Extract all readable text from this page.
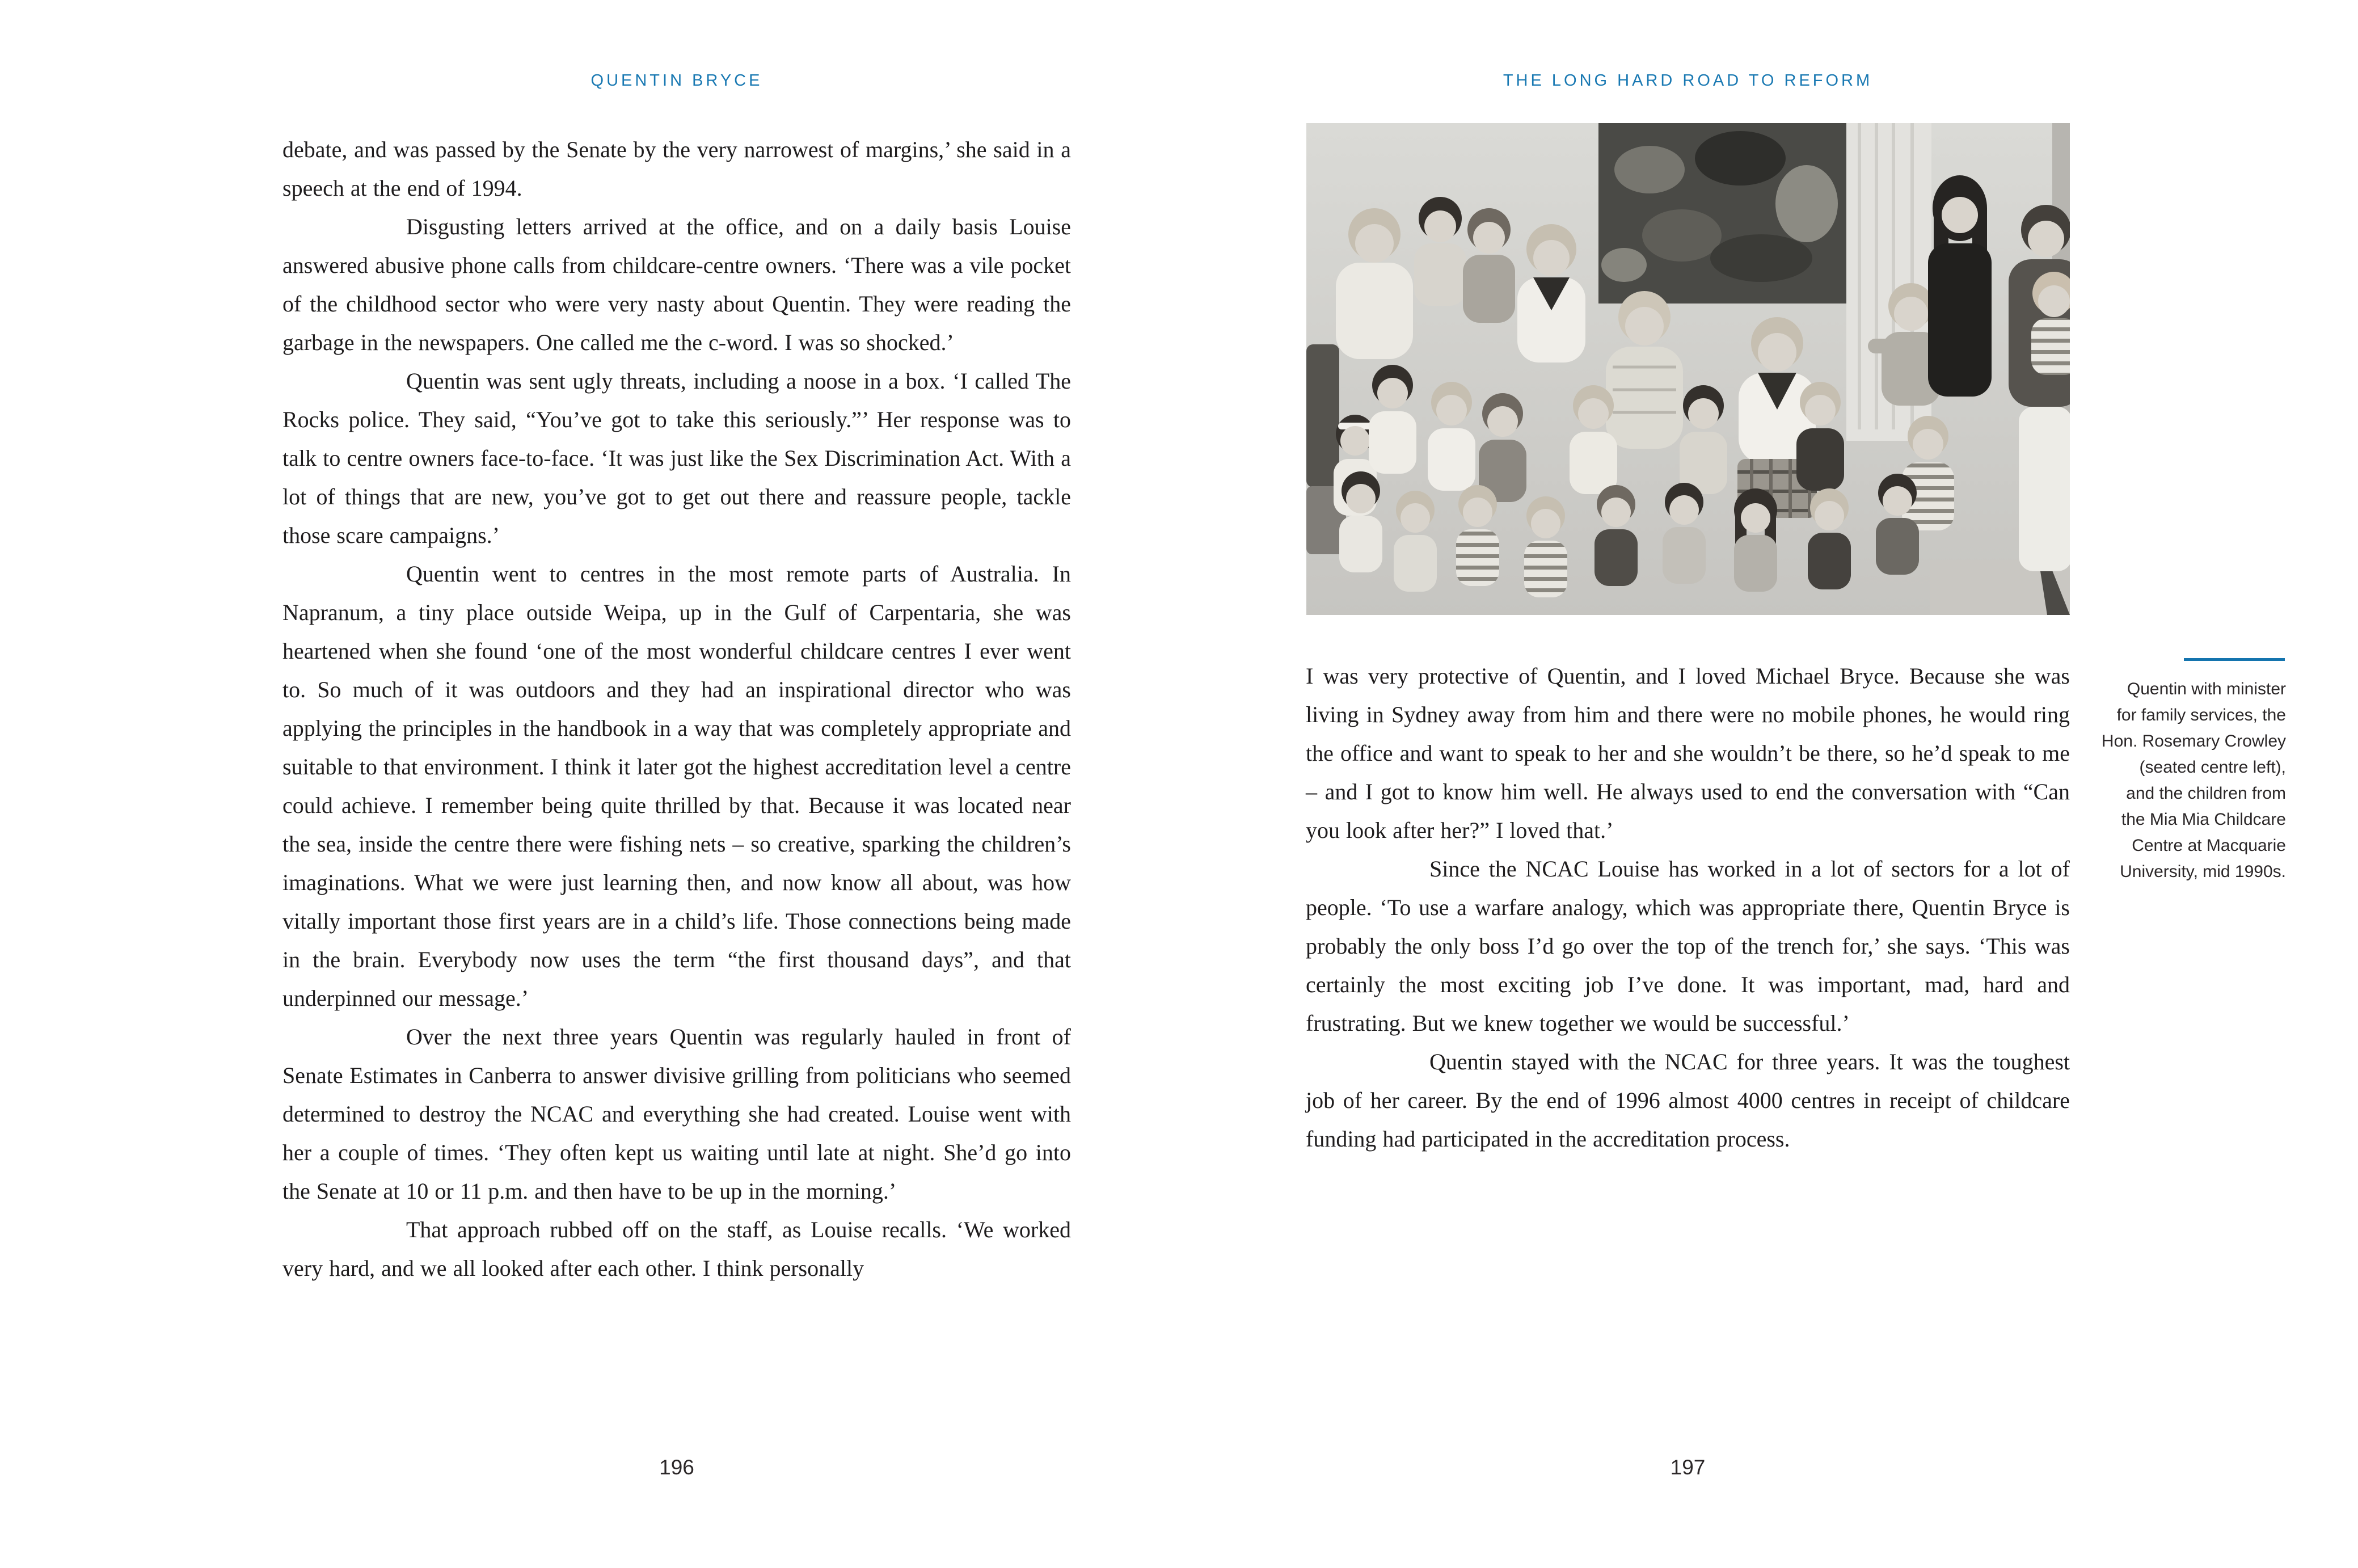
QUENTIN BRYCE

debate, and was passed by the Senate by the very narrowest of margins,’ she said in a speech at the end of 1994.

Disgusting letters arrived at the office, and on a daily basis Louise answered abusive phone calls from childcare-centre owners. ‘There was a vile pocket of the childhood sector who were very nasty about Quentin. They were reading the garbage in the newspapers. One called me the c-word. I was so shocked.’

Quentin was sent ugly threats, including a noose in a box. ‘I called The Rocks police. They said, “You’ve got to take this seriously.”’ Her response was to talk to centre owners face-to-face. ‘It was just like the Sex Discrimination Act. With a lot of things that are new, you’ve got to get out there and reassure people, tackle those scare campaigns.’

Quentin went to centres in the most remote parts of Australia. In Napranum, a tiny place outside Weipa, up in the Gulf of Carpentaria, she was heartened when she found ‘one of the most wonderful childcare centres I ever went to. So much of it was outdoors and they had an inspirational director who was applying the principles in the handbook in a way that was completely appropriate and suitable to that environment. I think it later got the highest accreditation level a centre could achieve. I remember being quite thrilled by that. Because it was located near the sea, inside the centre there were fishing nets – so creative, sparking the children’s imaginations. What we were just learning then, and now know all about, was how vitally important those first years are in a child’s life. Those connections being made in the brain. Everybody now uses the term “the first thousand days”, and that underpinned our message.’

Over the next three years Quentin was regularly hauled in front of Senate Estimates in Canberra to answer divisive grilling from politicians who seemed determined to destroy the NCAC and everything she had created. Louise went with her a couple of times. ‘They often kept us waiting until late at night. She’d go into the Senate at 10 or 11 p.m. and then have to be up in the morning.’

That approach rubbed off on the staff, as Louise recalls. ‘We worked very hard, and we all looked after each other. I think personally

196
THE LONG HARD ROAD TO REFORM
Quentin with minister
for family services, the
Hon. Rosemary Crowley
(seated centre left),
and the children from
the Mia Mia Childcare
Centre at Macquarie
University, mid 1990s.

I was very protective of Quentin, and I loved Michael Bryce. Because she was living in Sydney away from him and there were no mobile phones, he would ring the office and want to speak to her and she wouldn’t be there, so he’d speak to me – and I got to know him well. He always used to end the conversation with “Can you look after her?” I loved that.’

Since the NCAC Louise has worked in a lot of sectors for a lot of people. ‘To use a warfare analogy, which was appropriate there, Quentin Bryce is probably the only boss I’d go over the top of the trench for,’ she says. ‘This was certainly the most exciting job I’ve done. It was important, mad, hard and frustrating. But we knew together we would be successful.’

Quentin stayed with the NCAC for three years. It was the toughest job of her career. By the end of 1996 almost 4000 centres in receipt of childcare funding had participated in the accreditation process.

197
